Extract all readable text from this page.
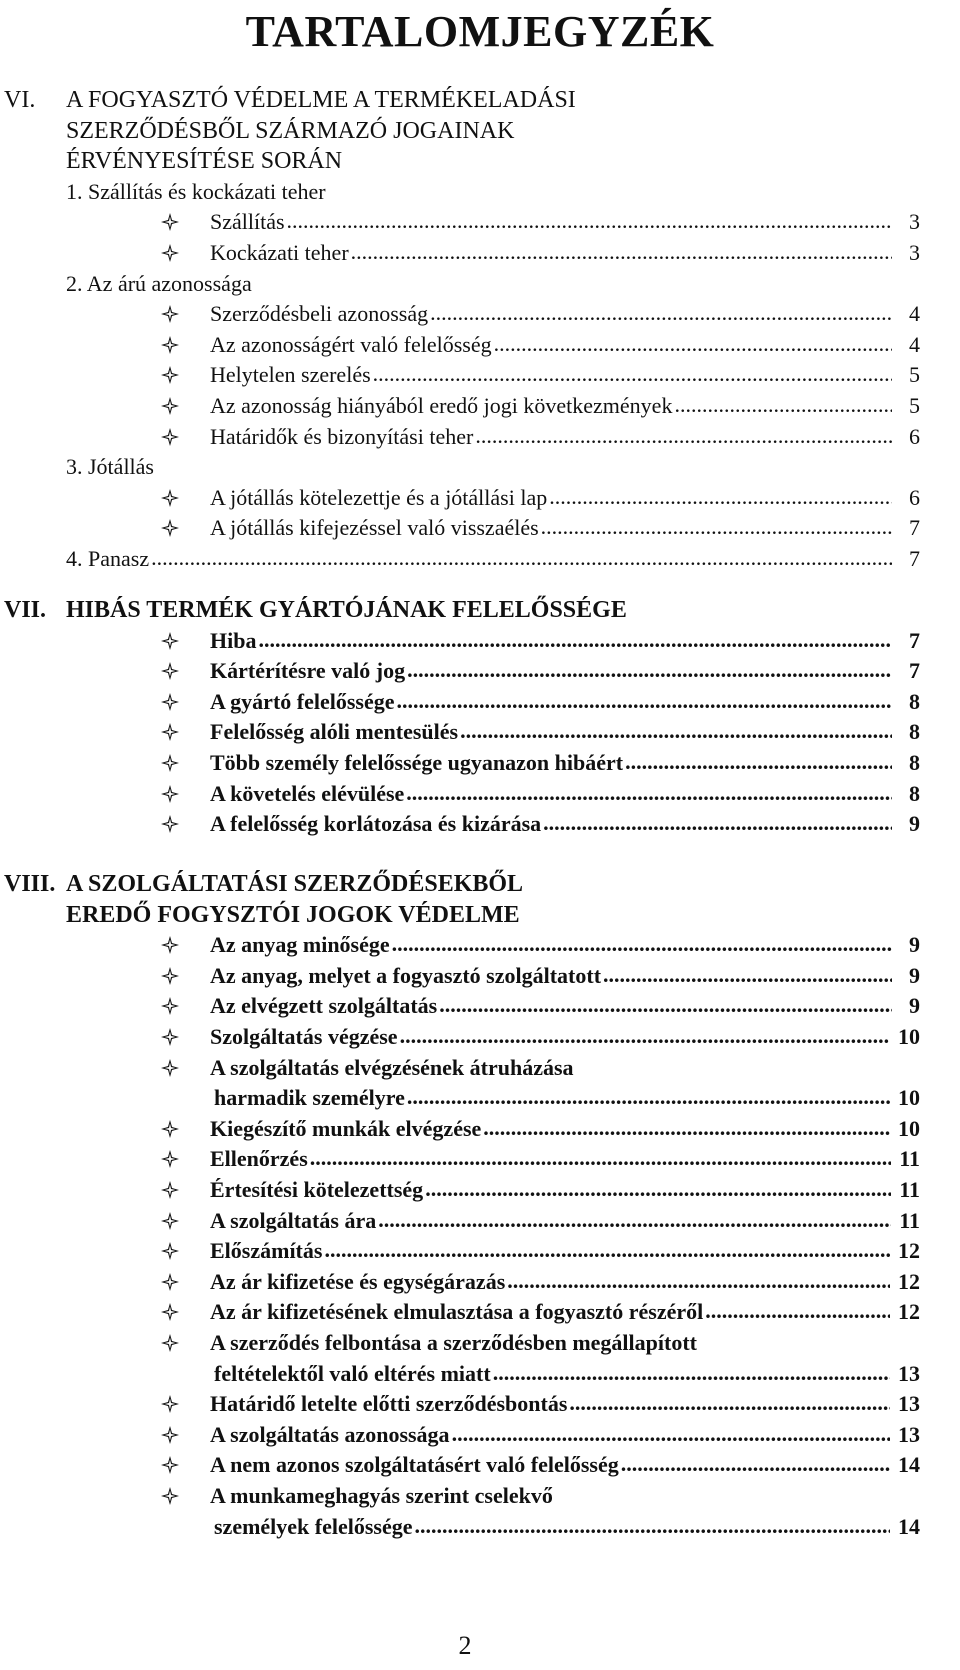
TARTALOMJEGYZÉK
VI.	A FOGYASZTÓ VÉDELME A TERMÉKELADÁSI
SZERZŐDÉSBŐL SZÁRMAZÓ JOGAINAK
ÉRVÉNYESÍTÉSE SORÁN
1. Szállítás és kockázati teher
Szállítás .....	3
Kockázati teher .....	3
2. Az árú azonossága
Szerződésbeli azonosság .....	4
Az azonosságért való felelősség .....	4
Helytelen szerelés .....	5
Az azonosság hiányából eredő jogi következmények .....	5
Határidők és bizonyítási teher .....	6
3. Jótállás
A jótállás kötelezettje és a jótállási lap .....	6
A jótállás kifejezéssel való visszaélés .....	7
4. Panasz .....	7
VII. HIBÁS TERMÉK GYÁRTÓJÁNAK FELELŐSSÉGE
Hiba .....	7
Kártérítésre való jog .....	7
A gyártó felelőssége .....	8
Felelősség alóli mentesülés .....	8
Több személy felelőssége ugyanazon hibáért .....	8
A követelés elévülése .....	8
A felelősség korlátozása és kizárása .....	9
VIII. A SZOLGÁLTATÁSI SZERZŐDÉSEKBŐL
EREDŐ FOGYSZTÓI JOGOK VÉDELME
Az anyag minősége .....	9
Az anyag, melyet a fogyasztó szolgáltatott .....	9
Az elvégzett szolgáltatás .....	9
Szolgáltatás végzése .....	10
A szolgáltatás elvégzésének átruházása
harmadik személyre .....	10
Kiegészítő munkák elvégzése .....	10
Ellenőrzés .....	11
Értesítési kötelezettség .....	11
A szolgáltatás ára .....	11
Előszámítás .....	12
Az ár kifizetése és egységárazás .....	12
Az ár kifizetésének elmulasztása a fogyasztó részéről .....	12
A szerződés felbontása a szerződésben megállapított
feltételektől való eltérés miatt .....	13
Határidő letelte előtti szerződésbontás .....	13
A szolgáltatás azonossága .....	13
A nem azonos szolgáltatásért való felelősség .....	14
A munkameghagyás szerint cselekvő
személyek felelőssége .....	14
2
